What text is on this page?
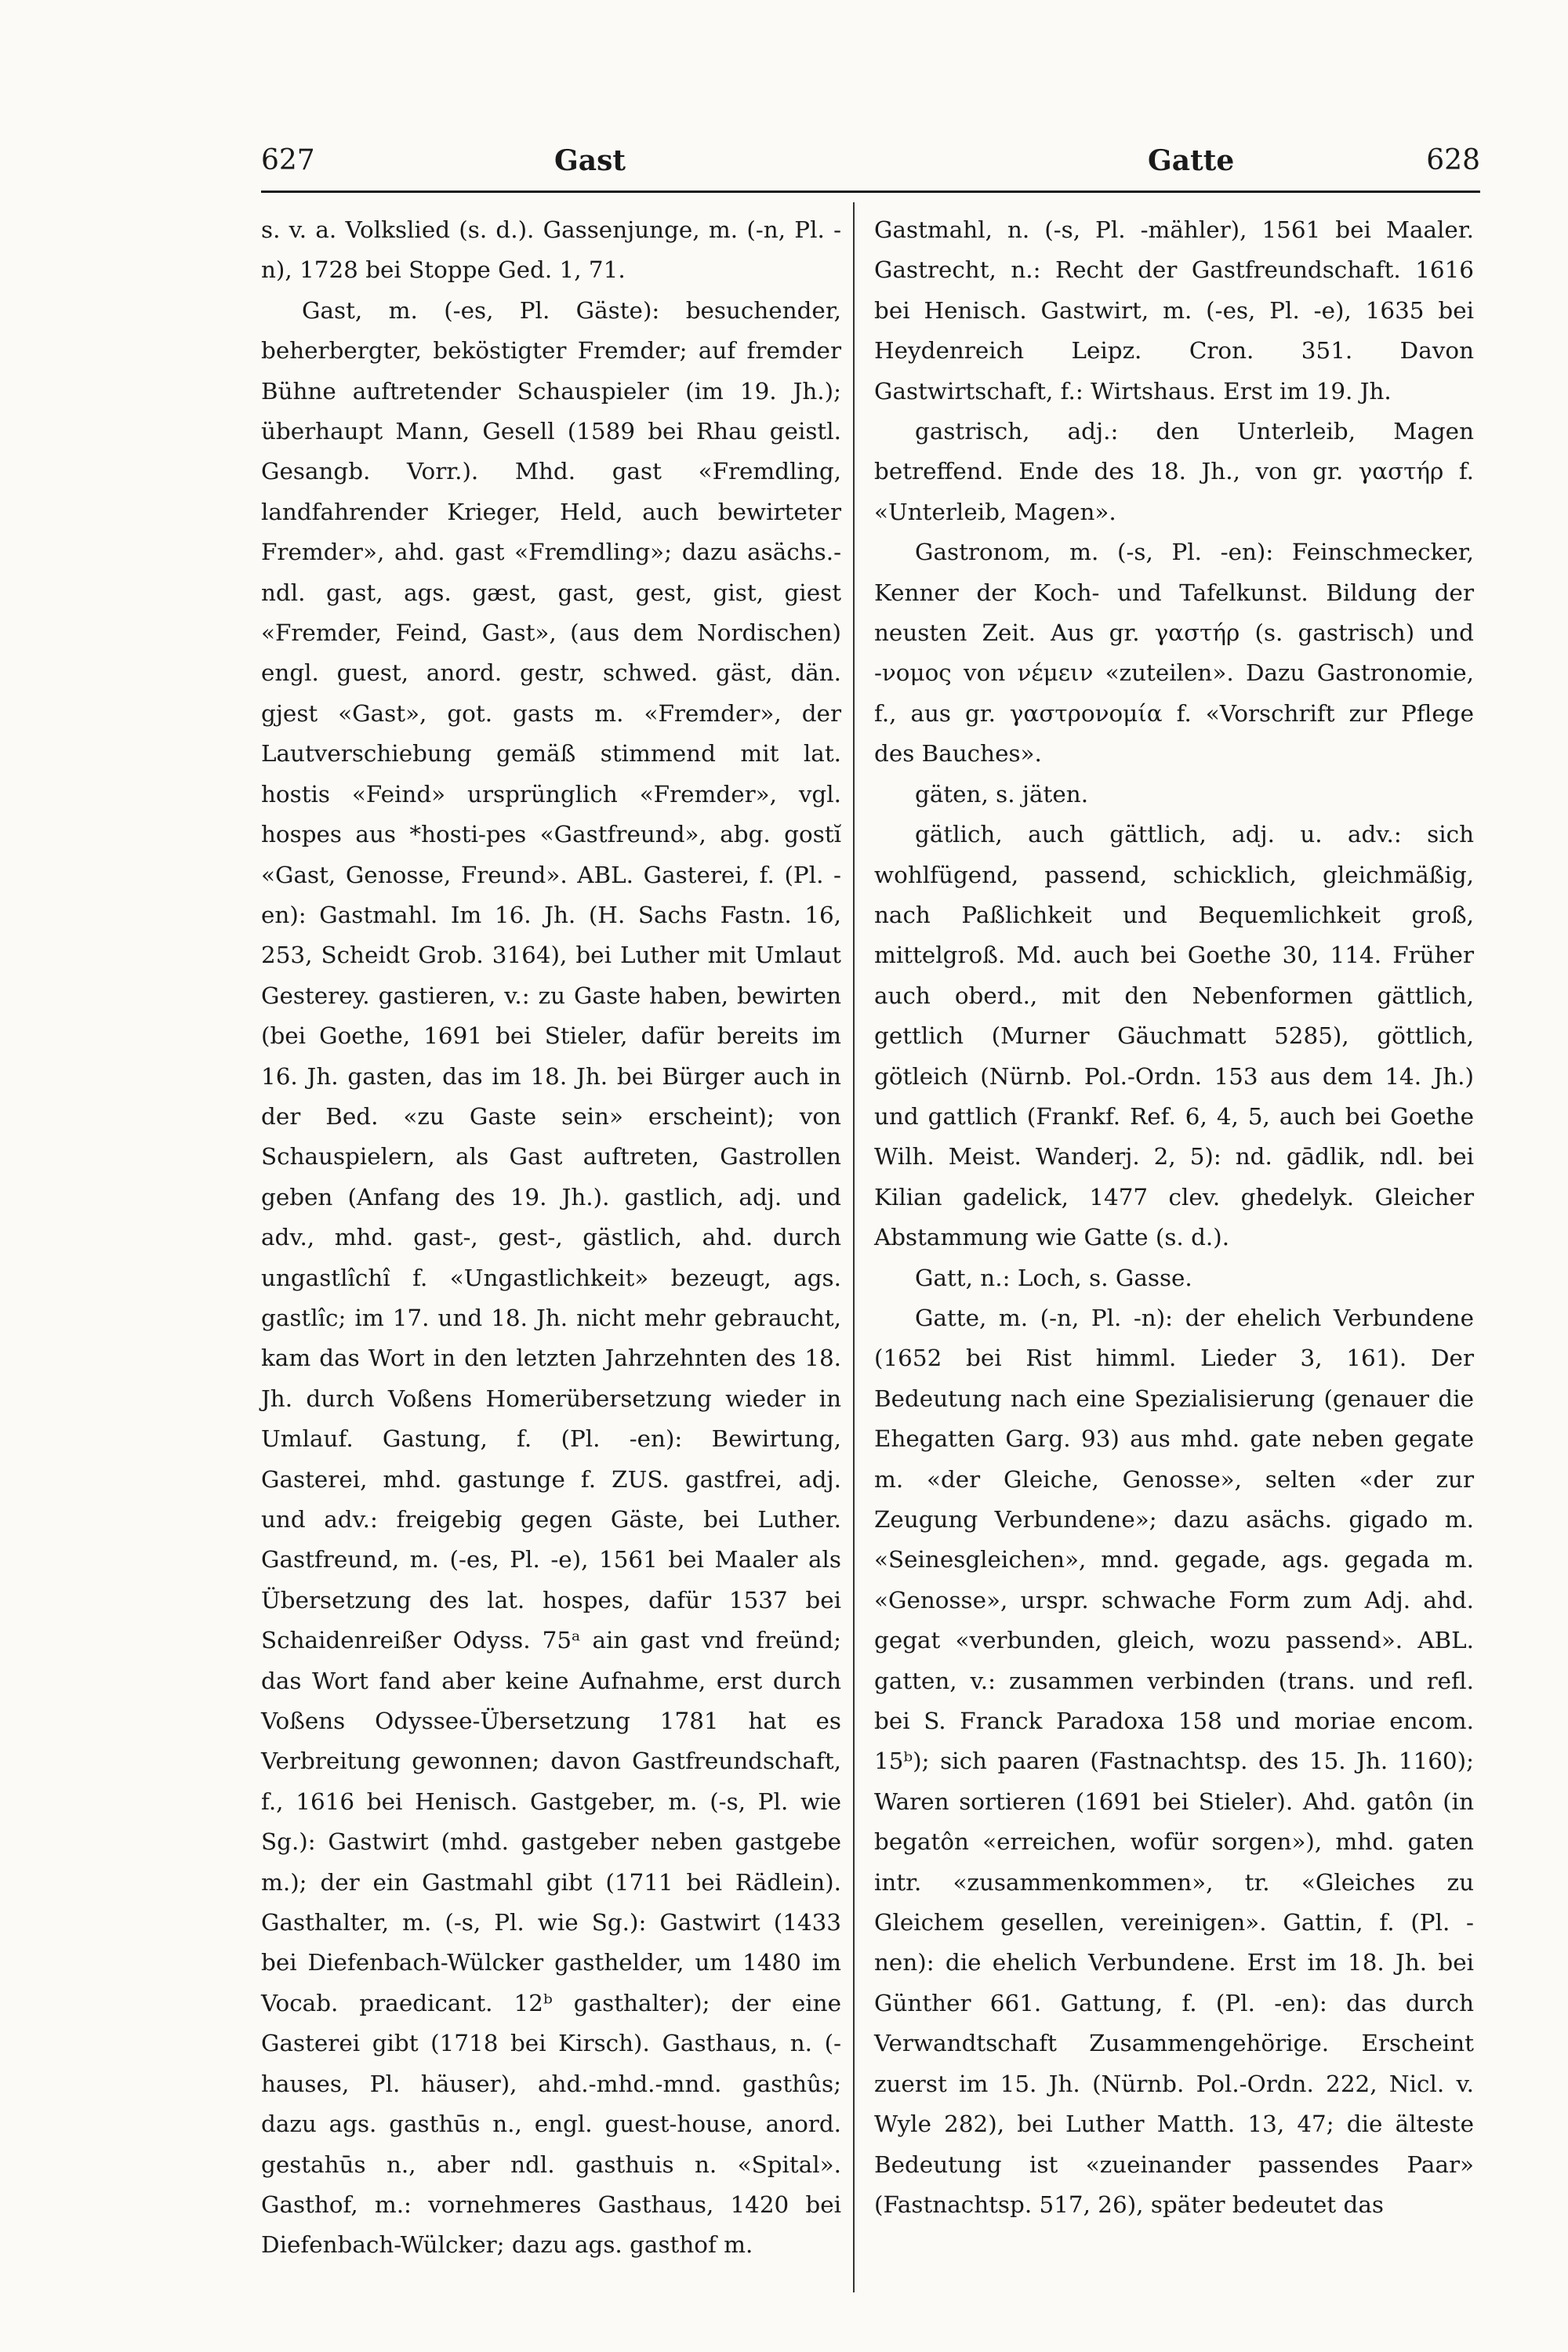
627	Gast	Gatte	628

s. v. a. Volkslied (s. d.). Gassenjunge, m. (-n, Pl. -n), 1728 bei Stoppe Ged. 1, 71.

Gast, m. (-es, Pl. Gäste): besuchender, beherbergter, beköstigter Fremder; auf fremder Bühne auftretender Schauspieler (im 19. Jh.); überhaupt Mann, Gesell (1589 bei Rhau geistl. Gesangb. Vorr.). Mhd. gast «Fremdling, landfahrender Krieger, Held, auch bewirteter Fremder», ahd. gast «Fremdling»; dazu asächs.-ndl. gast, ags. gæst, gast, gest, gist, giest «Fremder, Feind, Gast», (aus dem Nordischen) engl. guest, anord. gestr, schwed. gäst, dän. gjest «Gast», got. gasts m. «Fremder», der Lautverschiebung gemäß stimmend mit lat. hostis «Feind» ursprünglich «Fremder», vgl. hospes aus *hosti-pes «Gastfreund», abg. gostĭ «Gast, Genosse, Freund». ABL. Gasterei, f. (Pl. -en): Gastmahl. Im 16. Jh. (H. Sachs Fastn. 16, 253, Scheidt Grob. 3164), bei Luther mit Umlaut Gesterey. gastieren, v.: zu Gaste haben, bewirten (bei Goethe, 1691 bei Stieler, dafür bereits im 16. Jh. gasten, das im 18. Jh. bei Bürger auch in der Bed. «zu Gaste sein» erscheint); von Schauspielern, als Gast auftreten, Gastrollen geben (Anfang des 19. Jh.). gastlich, adj. und adv., mhd. gast-, gest-, gästlich, ahd. durch ungastlîchî f. «Ungastlichkeit» bezeugt, ags. gastlîc; im 17. und 18. Jh. nicht mehr gebraucht, kam das Wort in den letzten Jahrzehnten des 18. Jh. durch Voßens Homerübersetzung wieder in Umlauf. Gastung, f. (Pl. -en): Bewirtung, Gasterei, mhd. gastunge f. ZUS. gastfrei, adj. und adv.: freigebig gegen Gäste, bei Luther. Gastfreund, m. (-es, Pl. -e), 1561 bei Maaler als Übersetzung des lat. hospes, dafür 1537 bei Schaidenreißer Odyss. 75ᵃ ain gast vnd freünd; das Wort fand aber keine Aufnahme, erst durch Voßens Odyssee-Übersetzung 1781 hat es Verbreitung gewonnen; davon Gastfreundschaft, f., 1616 bei Henisch. Gastgeber, m. (-s, Pl. wie Sg.): Gastwirt (mhd. gastgeber neben gastgebe m.); der ein Gastmahl gibt (1711 bei Rädlein). Gasthalter, m. (-s, Pl. wie Sg.): Gastwirt (1433 bei Diefenbach-Wülcker gasthelder, um 1480 im Vocab. praedicant. 12ᵇ gasthalter); der eine Gasterei gibt (1718 bei Kirsch). Gasthaus, n. (-hauses, Pl. häuser), ahd.-mhd.-mnd. gasthûs; dazu ags. gasthūs n., engl. guest-house, anord. gestahūs n., aber ndl. gasthuis n. «Spital». Gasthof, m.: vornehmeres Gasthaus, 1420 bei Diefenbach-Wülcker; dazu ags. gasthof m.

Gastmahl, n. (-s, Pl. -mähler), 1561 bei Maaler. Gastrecht, n.: Recht der Gastfreundschaft. 1616 bei Henisch. Gastwirt, m. (-es, Pl. -e), 1635 bei Heydenreich Leipz. Cron. 351. Davon Gastwirtschaft, f.: Wirtshaus. Erst im 19. Jh.

gastrisch, adj.: den Unterleib, Magen betreffend. Ende des 18. Jh., von gr. γαστήρ f. «Unterleib, Magen».

Gastronom, m. (-s, Pl. -en): Feinschmecker, Kenner der Koch- und Tafelkunst. Bildung der neusten Zeit. Aus gr. γαστήρ (s. gastrisch) und -νομος von νέμειν «zuteilen». Dazu Gastronomie, f., aus gr. γαστρονομία f. «Vorschrift zur Pflege des Bauches».

gäten, s. jäten.

gätlich, auch gättlich, adj. u. adv.: sich wohlfügend, passend, schicklich, gleichmäßig, nach Paßlichkeit und Bequemlichkeit groß, mittelgroß. Md. auch bei Goethe 30, 114. Früher auch oberd., mit den Nebenformen gättlich, gettlich (Murner Gäuchmatt 5285), göttlich, götleich (Nürnb. Pol.-Ordn. 153 aus dem 14. Jh.) und gattlich (Frankf. Ref. 6, 4, 5, auch bei Goethe Wilh. Meist. Wanderj. 2, 5): nd. gādlik, ndl. bei Kilian gadelick, 1477 clev. ghedelyk. Gleicher Abstammung wie Gatte (s. d.).

Gatt, n.: Loch, s. Gasse.

Gatte, m. (-n, Pl. -n): der ehelich Verbundene (1652 bei Rist himml. Lieder 3, 161). Der Bedeutung nach eine Spezialisierung (genauer die Ehegatten Garg. 93) aus mhd. gate neben gegate m. «der Gleiche, Genosse», selten «der zur Zeugung Verbundene»; dazu asächs. gigado m. «Seinesgleichen», mnd. gegade, ags. gegada m. «Genosse», urspr. schwache Form zum Adj. ahd. gegat «verbunden, gleich, wozu passend». ABL. gatten, v.: zusammen verbinden (trans. und refl. bei S. Franck Paradoxa 158 und moriae encom. 15ᵇ); sich paaren (Fastnachtsp. des 15. Jh. 1160); Waren sortieren (1691 bei Stieler). Ahd. gatôn (in begatôn «erreichen, wofür sorgen»), mhd. gaten intr. «zusammenkommen», tr. «Gleiches zu Gleichem gesellen, vereinigen». Gattin, f. (Pl. -nen): die ehelich Verbundene. Erst im 18. Jh. bei Günther 661. Gattung, f. (Pl. -en): das durch Verwandtschaft Zusammengehörige. Erscheint zuerst im 15. Jh. (Nürnb. Pol.-Ordn. 222, Nicl. v. Wyle 282), bei Luther Matth. 13, 47; die älteste Bedeutung ist «zueinander passendes Paar» (Fastnachtsp. 517, 26), später bedeutet das
